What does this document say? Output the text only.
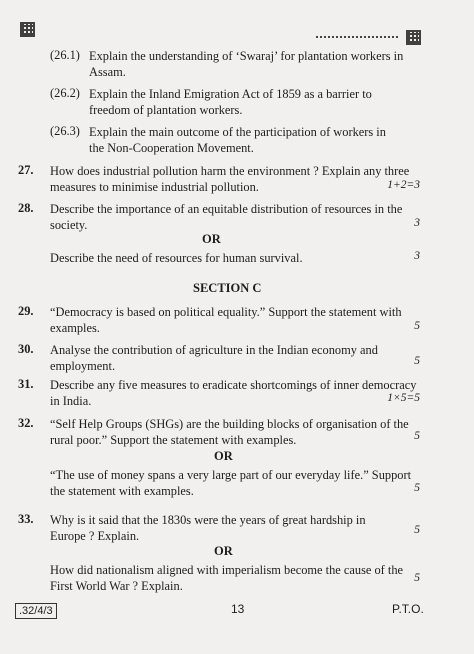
(26.1) Explain the understanding of ‘Swaraj’ for plantation workers in
Assam.
(26.2) Explain the Inland Emigration Act of 1859 as a barrier to
freedom of plantation workers.
(26.3) Explain the main outcome of the participation of workers in
the Non-Cooperation Movement.
27. How does industrial pollution harm the environment ? Explain any three
measures to minimise industrial pollution.	1+2=3
28. Describe the importance of an equitable distribution of resources in the
society.	3
OR
Describe the need of resources for human survival.	3
SECTION C
29. “Democracy is based on political equality.” Support the statement with
examples.	5
30. Analyse the contribution of agriculture in the Indian economy and
employment.	5
31. Describe any five measures to eradicate shortcomings of inner democracy
in India.	1×5=5
32. “Self Help Groups (SHGs) are the building blocks of organisation of the
rural poor.” Support the statement with examples.	5
OR
“The use of money spans a very large part of our everyday life.” Support
the statement with examples.	5
33. Why is it said that the 1830s were the years of great hardship in
Europe ? Explain.	5
OR
How did nationalism aligned with imperialism become the cause of the
First World War ? Explain.
5
.32/4/3	13	P.T.O.
